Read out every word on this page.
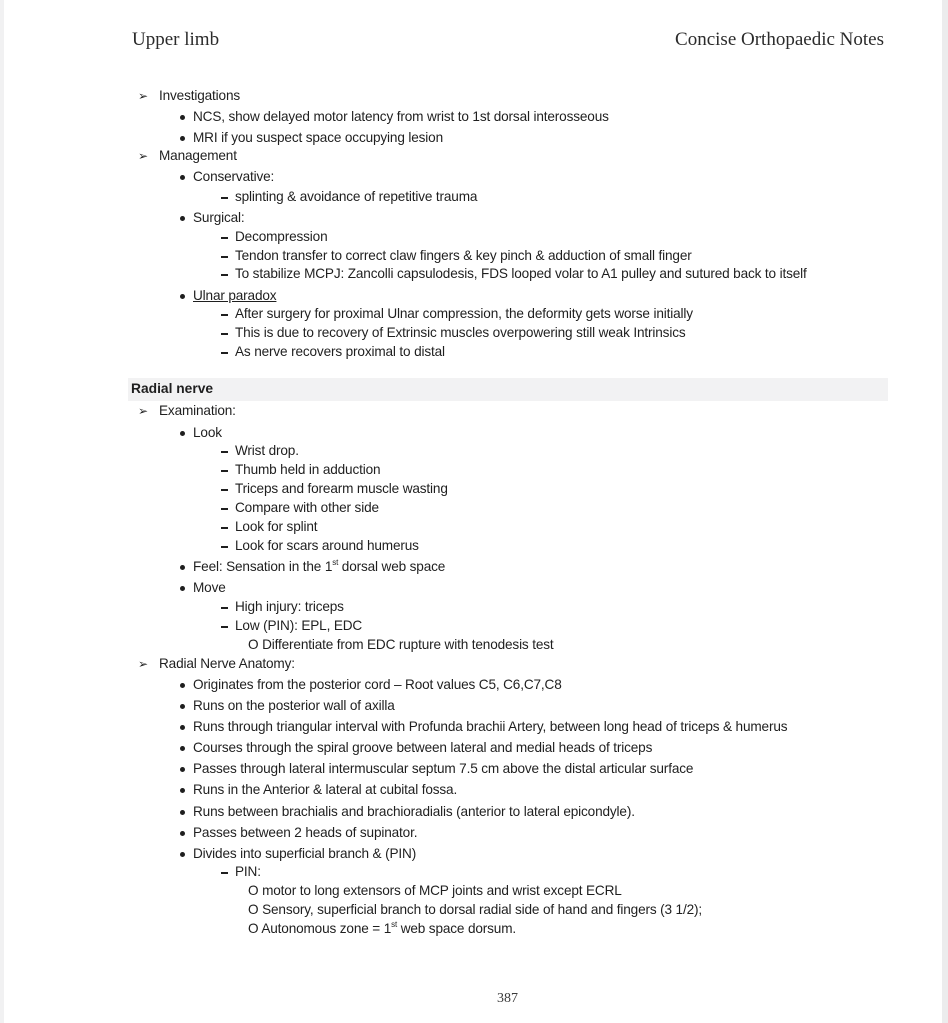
Upper limb	Concise Orthopaedic Notes
➢ Investigations
NCS, show delayed motor latency from wrist to 1st dorsal interosseous
MRI if you suspect space occupying lesion
➢ Management
Conservative:
splinting & avoidance of repetitive trauma
Surgical:
Decompression
Tendon transfer to correct claw fingers & key pinch & adduction of small finger
To stabilize MCPJ: Zancolli capsulodesis, FDS looped volar to A1 pulley and sutured back to itself
Ulnar paradox
After surgery for proximal Ulnar compression, the deformity gets worse initially
This is due to recovery of Extrinsic muscles overpowering still weak Intrinsics
As nerve recovers proximal to distal
Radial nerve
➢ Examination:
Look
Wrist drop.
Thumb held in adduction
Triceps and forearm muscle wasting
Compare with other side
Look for splint
Look for scars around humerus
Feel: Sensation in the 1st dorsal web space
Move
High injury: triceps
Low (PIN): EPL, EDC
O Differentiate from EDC rupture with tenodesis test
➢ Radial Nerve Anatomy:
Originates from the posterior cord – Root values C5, C6,C7,C8
Runs on the posterior wall of axilla
Runs through triangular interval with Profunda brachii Artery, between long head of triceps & humerus
Courses through the spiral groove between lateral and medial heads of triceps
Passes through lateral intermuscular septum 7.5 cm above the distal articular surface
Runs in the Anterior & lateral at cubital fossa.
Runs between brachialis and brachioradialis (anterior to lateral epicondyle).
Passes between 2 heads of supinator.
Divides into superficial branch & (PIN)
PIN:
O motor to long extensors of MCP joints and wrist except ECRL
O Sensory, superficial branch to dorsal radial side of hand and fingers (3 1/2);
O Autonomous zone = 1st web space dorsum.
387
